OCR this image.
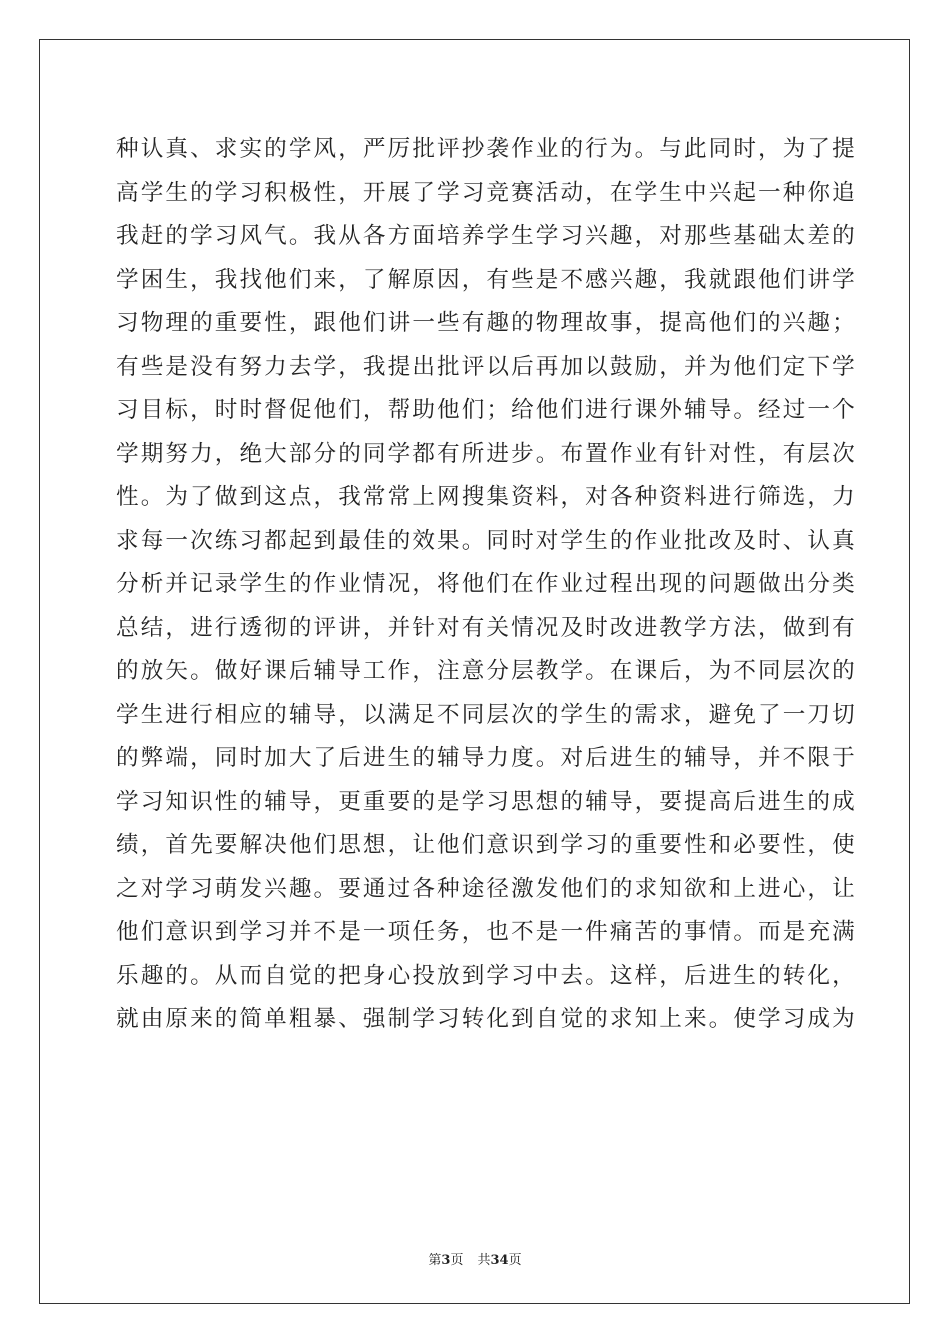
种认真、求实的学风，严厉批评抄袭作业的行为。与此同时，为了提
高学生的学习积极性，开展了学习竞赛活动，在学生中兴起一种你追
我赶的学习风气。我从各方面培养学生学习兴趣，对那些基础太差的
学困生，我找他们来，了解原因，有些是不感兴趣，我就跟他们讲学
习物理的重要性，跟他们讲一些有趣的物理故事，提高他们的兴趣；
有些是没有努力去学，我提出批评以后再加以鼓励，并为他们定下学
习目标，时时督促他们，帮助他们；给他们进行课外辅导。经过一个
学期努力，绝大部分的同学都有所进步。布置作业有针对性，有层次
性。为了做到这点，我常常上网搜集资料，对各种资料进行筛选，力
求每一次练习都起到最佳的效果。同时对学生的作业批改及时、认真
分析并记录学生的作业情况，将他们在作业过程出现的问题做出分类
总结，进行透彻的评讲，并针对有关情况及时改进教学方法，做到有
的放矢。做好课后辅导工作，注意分层教学。在课后，为不同层次的
学生进行相应的辅导，以满足不同层次的学生的需求，避免了一刀切
的弊端，同时加大了后进生的辅导力度。对后进生的辅导，并不限于
学习知识性的辅导，更重要的是学习思想的辅导，要提高后进生的成
绩，首先要解决他们思想，让他们意识到学习的重要性和必要性，使
之对学习萌发兴趣。要通过各种途径激发他们的求知欲和上进心，让
他们意识到学习并不是一项任务，也不是一件痛苦的事情。而是充满
乐趣的。从而自觉的把身心投放到学习中去。这样，后进生的转化，
就由原来的简单粗暴、强制学习转化到自觉的求知上来。使学习成为
第3页 共34页
